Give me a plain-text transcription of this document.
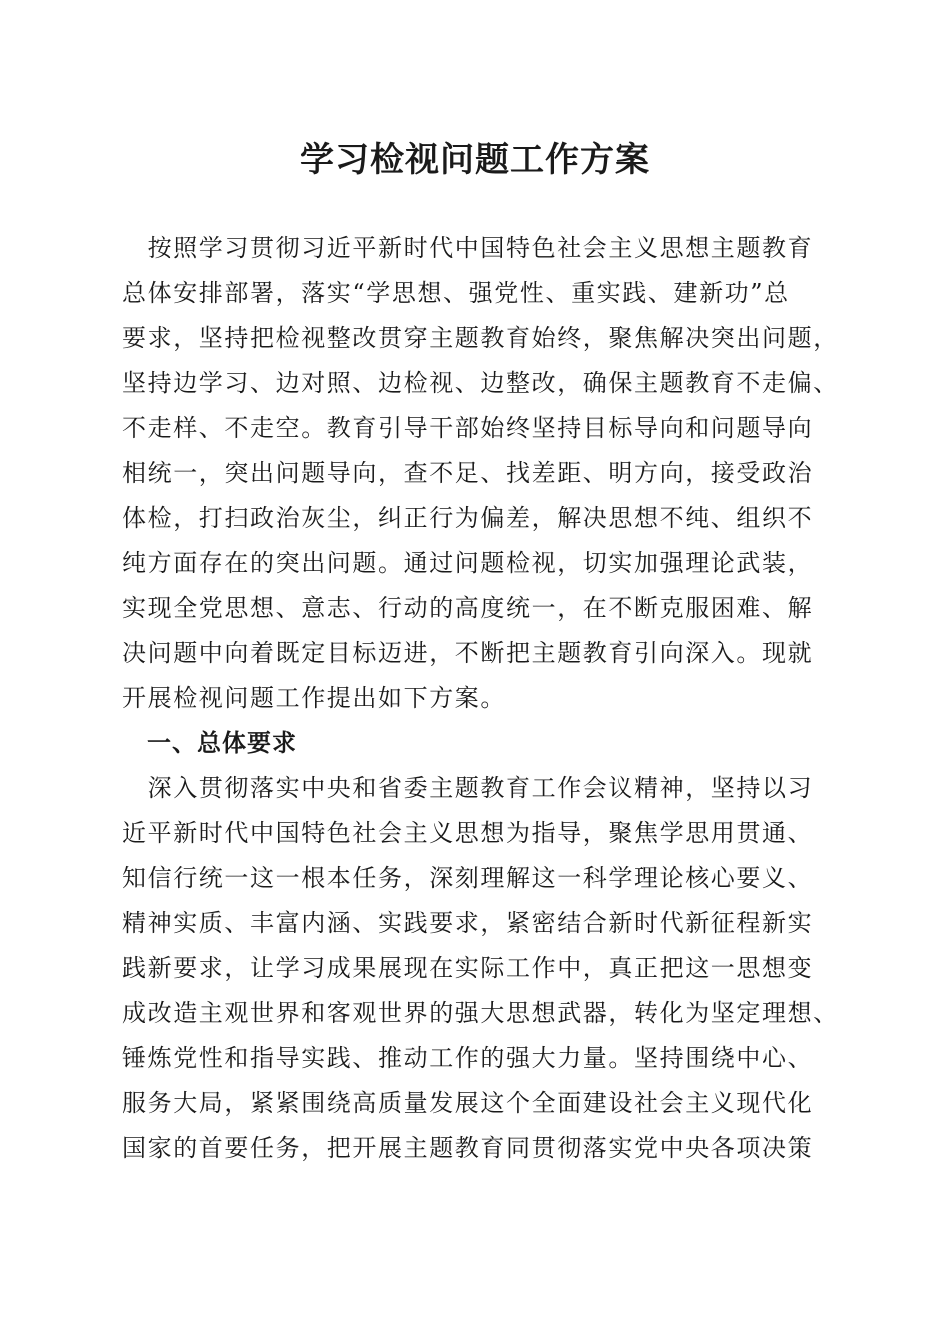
学习检视问题工作方案
　按照学习贯彻习近平新时代中国特色社会主义思想主题教育
总体安排部署，落实“学思想、强党性、重实践、建新功”总
要求，坚持把检视整改贯穿主题教育始终，聚焦解决突出问题，
坚持边学习、边对照、边检视、边整改，确保主题教育不走偏、
不走样、不走空。教育引导干部始终坚持目标导向和问题导向
相统一，突出问题导向，查不足、找差距、明方向，接受政治
体检，打扫政治灰尘，纠正行为偏差，解决思想不纯、组织不
纯方面存在的突出问题。通过问题检视，切实加强理论武装，
实现全党思想、意志、行动的高度统一，在不断克服困难、解
决问题中向着既定目标迈进，不断把主题教育引向深入。现就
开展检视问题工作提出如下方案。
　一、总体要求
　深入贯彻落实中央和省委主题教育工作会议精神，坚持以习
近平新时代中国特色社会主义思想为指导，聚焦学思用贯通、
知信行统一这一根本任务，深刻理解这一科学理论核心要义、
精神实质、丰富内涵、实践要求，紧密结合新时代新征程新实
践新要求，让学习成果展现在实际工作中，真正把这一思想变
成改造主观世界和客观世界的强大思想武器，转化为坚定理想、
锤炼党性和指导实践、推动工作的强大力量。坚持围绕中心、
服务大局，紧紧围绕高质量发展这个全面建设社会主义现代化
国家的首要任务，把开展主题教育同贯彻落实党中央各项决策
